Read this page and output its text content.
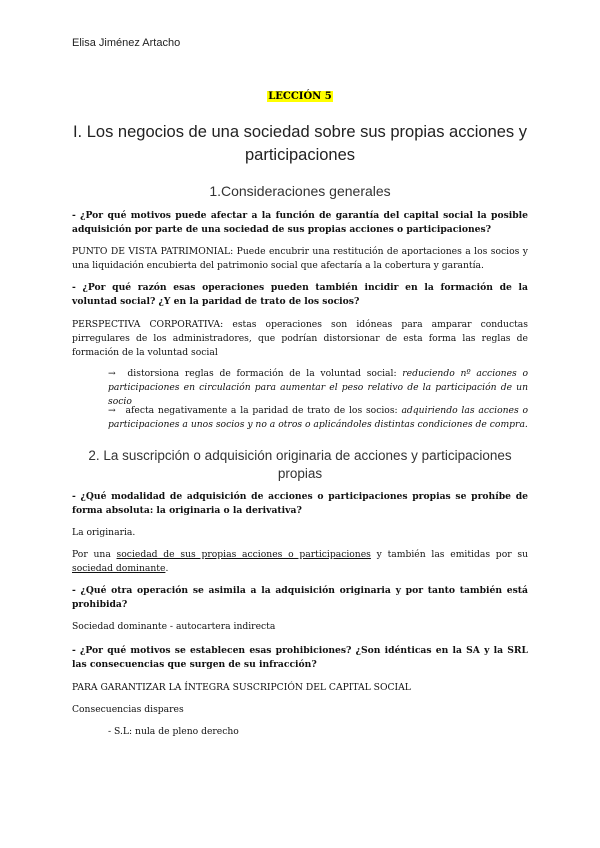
Elisa Jiménez Artacho
LECCIÓN 5
I. Los negocios de una sociedad sobre sus propias acciones y participaciones
1.Consideraciones generales
- ¿Por qué motivos puede afectar a la función de garantía del capital social la posible adquisición por parte de una sociedad de sus propias acciones o participaciones?
PUNTO DE VISTA PATRIMONIAL: Puede encubrir una restitución de aportaciones a los socios y una liquidación encubierta del patrimonio social que afectaría a la cobertura y garantía.
- ¿Por qué razón esas operaciones pueden también incidir en la formación de la voluntad social? ¿Y en la paridad de trato de los socios?
PERSPECTIVA CORPORATIVA: estas operaciones son idóneas para amparar conductas pirregulares de los administradores, que podrían distorsionar de esta forma las reglas de formación de la voluntad social
→ distorsiona reglas de formación de la voluntad social: reduciendo nº acciones o participaciones en circulación para aumentar el peso relativo de la participación de un socio
→ afecta negativamente a la paridad de trato de los socios: adquiriendo las acciones o participaciones a unos socios y no a otros o aplicándoles distintas condiciones de compra.
2. La suscripción o adquisición originaria de acciones y participaciones propias
- ¿Qué modalidad de adquisición de acciones o participaciones propias se prohíbe de forma absoluta: la originaria o la derivativa?
La originaria.
Por una sociedad de sus propias acciones o participaciones y también las emitidas por su sociedad dominante.
- ¿Qué otra operación se asimila a la adquisición originaria y por tanto también está prohibida?
Sociedad dominante - autocartera indirecta
- ¿Por qué motivos se establecen esas prohibiciones? ¿Son idénticas en la SA y la SRL las consecuencias que surgen de su infracción?
PARA GARANTIZAR LA ÍNTEGRA SUSCRIPCIÓN DEL CAPITAL SOCIAL
Consecuencias dispares
- S.L: nula de pleno derecho
